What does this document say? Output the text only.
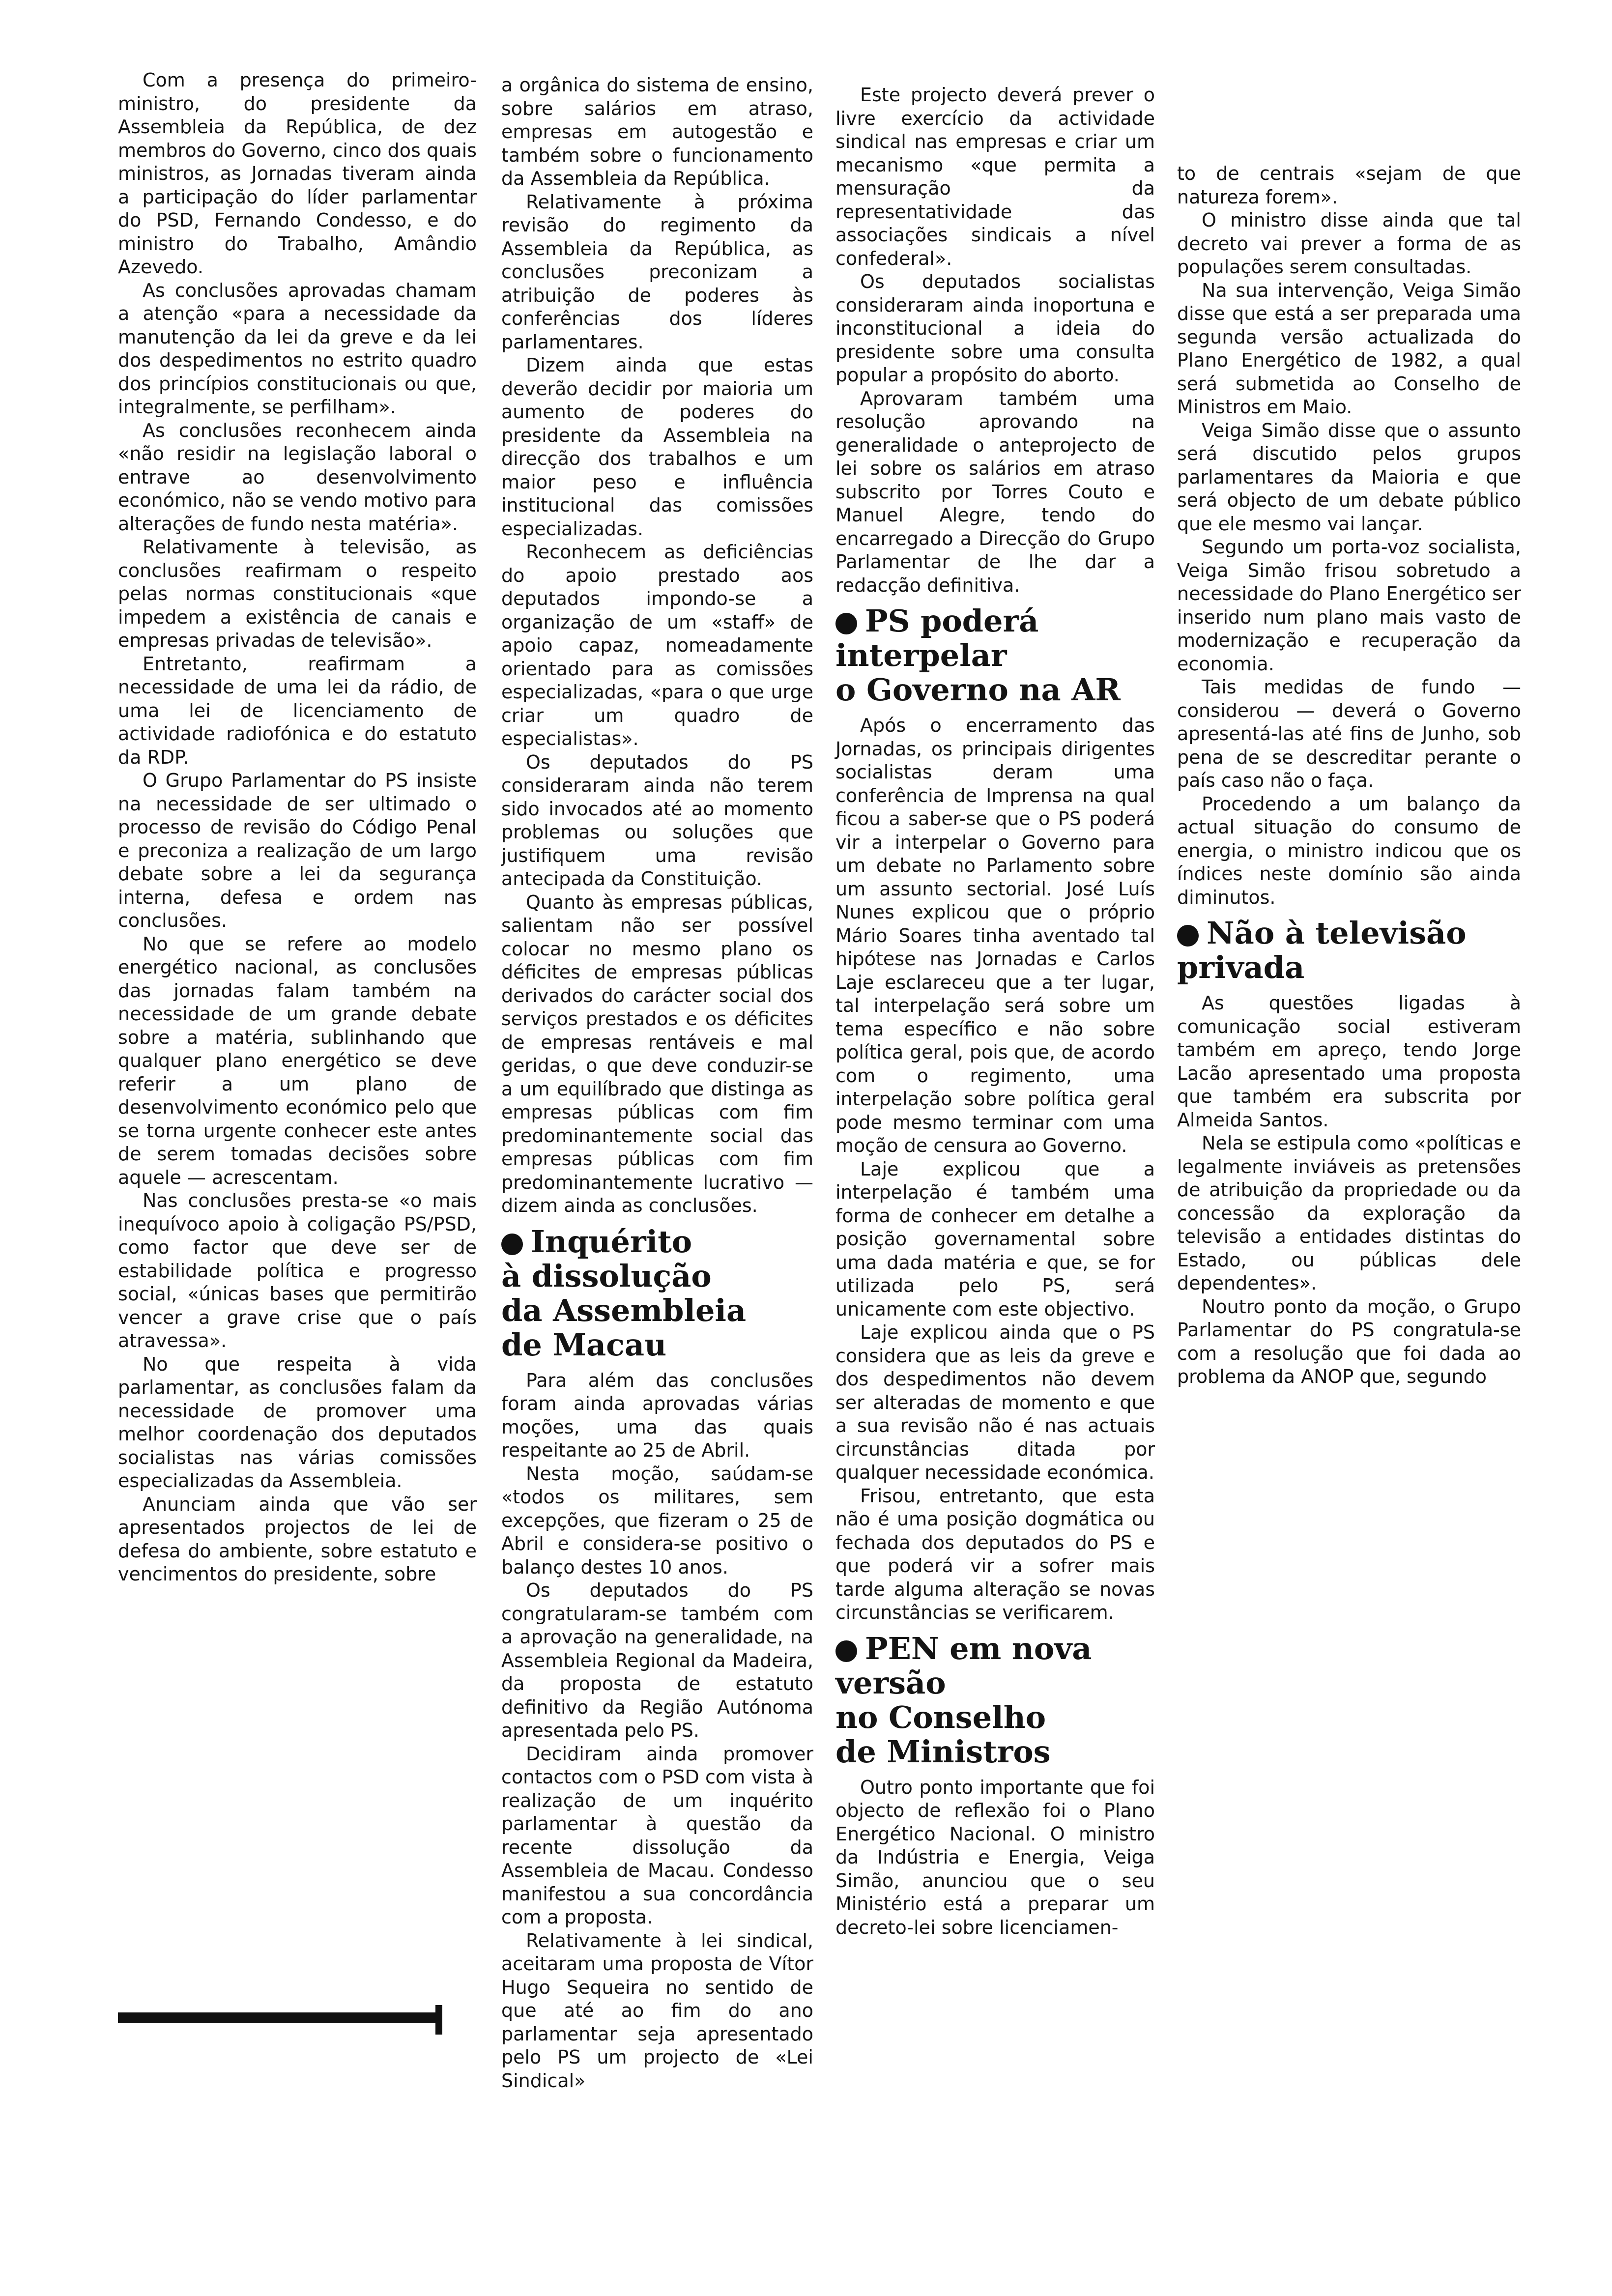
Com a presença do primeiro-ministro, do presidente da Assembleia da República, de dez membros do Governo, cinco dos quais ministros, as Jornadas tiveram ainda a participação do líder parlamentar do PSD, Fernando Condesso, e do ministro do Trabalho, Amândio Azevedo.

As conclusões aprovadas chamam a atenção «para a necessidade da manutenção da lei da greve e da lei dos despedimentos no estrito quadro dos princípios constitucionais ou que, integralmente, se perfilham».

As conclusões reconhecem ainda «não residir na legislação laboral o entrave ao desenvolvimento económico, não se vendo motivo para alterações de fundo nesta matéria».

Relativamente à televisão, as conclusões reafirmam o respeito pelas normas constitucionais «que impedem a existência de canais e empresas privadas de televisão».

Entretanto, reafirmam a necessidade de uma lei da rádio, de uma lei de licenciamento de actividade radiofónica e do estatuto da RDP.

O Grupo Parlamentar do PS insiste na necessidade de ser ultimado o processo de revisão do Código Penal e preconiza a realização de um largo debate sobre a lei da segurança interna, defesa e ordem nas conclusões.

No que se refere ao modelo energético nacional, as conclusões das jornadas falam também na necessidade de um grande debate sobre a matéria, sublinhando que qualquer plano energético se deve referir a um plano de desenvolvimento económico pelo que se torna urgente conhecer este antes de serem tomadas decisões sobre aquele — acrescentam.

Nas conclusões presta-se «o mais inequívoco apoio à coligação PS/PSD, como factor que deve ser de estabilidade política e progresso social, «únicas bases que permitirão vencer a grave crise que o país atravessa».

No que respeita à vida parlamentar, as conclusões falam da necessidade de promover uma melhor coordenação dos deputados socialistas nas várias comissões especializadas da Assembleia.

Anunciam ainda que vão ser apresentados projectos de lei de defesa do ambiente, sobre estatuto e vencimentos do presidente, sobre

a orgânica do sistema de ensino, sobre salários em atraso, empresas em autogestão e também sobre o funcionamento da Assembleia da República.

Relativamente à próxima revisão do regimento da Assembleia da República, as conclusões preconizam a atribuição de poderes às conferências dos líderes parlamentares.

Dizem ainda que estas deverão decidir por maioria um aumento de poderes do presidente da Assembleia na direcção dos trabalhos e um maior peso e influência institucional das comissões especializadas.

Reconhecem as deficiências do apoio prestado aos deputados impondo-se a organização de um «staff» de apoio capaz, nomeadamente orientado para as comissões especializadas, «para o que urge criar um quadro de especialistas».

Os deputados do PS consideraram ainda não terem sido invocados até ao momento problemas ou soluções que justifiquem uma revisão antecipada da Constituição.

Quanto às empresas públicas, salientam não ser possível colocar no mesmo plano os déficites de empresas públicas derivados do carácter social dos serviços prestados e os déficites de empresas rentáveis e mal geridas, o que deve conduzir-se a um equilíbrado que distinga as empresas públicas com fim predominantemente social das empresas públicas com fim predominantemente lucrativo — dizem ainda as conclusões.

Inquérito
à dissolução
da Assembleia
de Macau

Para além das conclusões foram ainda aprovadas várias moções, uma das quais respeitante ao 25 de Abril.

Nesta moção, saúdam-se «todos os militares, sem excepções, que fizeram o 25 de Abril e considera-se positivo o balanço destes 10 anos.

Os deputados do PS congratularam-se também com a aprovação na generalidade, na Assembleia Regional da Madeira, da proposta de estatuto definitivo da Região Autónoma apresentada pelo PS.

Decidiram ainda promover contactos com o PSD com vista à realização de um inquérito parlamentar à questão da recente dissolução da Assembleia de Macau. Condesso manifestou a sua concordância com a proposta.

Relativamente à lei sindical, aceitaram uma proposta de Vítor Hugo Sequeira no sentido de que até ao fim do ano parlamentar seja apresentado pelo PS um projecto de «Lei Sindical»

Este projecto deverá prever o livre exercício da actividade sindical nas empresas e criar um mecanismo «que permita a mensuração da representatividade das associações sindicais a nível confederal».

Os deputados socialistas consideraram ainda inoportuna e inconstitucional a ideia do presidente sobre uma consulta popular a propósito do aborto.

Aprovaram também uma resolução aprovando na generalidade o anteprojecto de lei sobre os salários em atraso subscrito por Torres Couto e Manuel Alegre, tendo do encarregado a Direcção do Grupo Parlamentar de lhe dar a redacção definitiva.

PS poderá
interpelar
o Governo na AR

Após o encerramento das Jornadas, os principais dirigentes socialistas deram uma conferência de Imprensa na qual ficou a saber-se que o PS poderá vir a interpelar o Governo para um debate no Parlamento sobre um assunto sectorial. José Luís Nunes explicou que o próprio Mário Soares tinha aventado tal hipótese nas Jornadas e Carlos Laje esclareceu que a ter lugar, tal interpelação será sobre um tema específico e não sobre política geral, pois que, de acordo com o regimento, uma interpelação sobre política geral pode mesmo terminar com uma moção de censura ao Governo.

Laje explicou que a interpelação é também uma forma de conhecer em detalhe a posição governamental sobre uma dada matéria e que, se for utilizada pelo PS, será unicamente com este objectivo.

Laje explicou ainda que o PS considera que as leis da greve e dos despedimentos não devem ser alteradas de momento e que a sua revisão não é nas actuais circunstâncias ditada por qualquer necessidade económica.

Frisou, entretanto, que esta não é uma posição dogmática ou fechada dos deputados do PS e que poderá vir a sofrer mais tarde alguma alteração se novas circunstâncias se verificarem.

PEN em nova
versão
no Conselho
de Ministros

Outro ponto importante que foi objecto de reflexão foi o Plano Energético Nacional. O ministro da Indústria e Energia, Veiga Simão, anunciou que o seu Ministério está a preparar um decreto-lei sobre licenciamen-

to de centrais «sejam de que natureza forem».

O ministro disse ainda que tal decreto vai prever a forma de as populações serem consultadas.

Na sua intervenção, Veiga Simão disse que está a ser preparada uma segunda versão actualizada do Plano Energético de 1982, a qual será submetida ao Conselho de Ministros em Maio.

Veiga Simão disse que o assunto será discutido pelos grupos parlamentares da Maioria e que será objecto de um debate público que ele mesmo vai lançar.

Segundo um porta-voz socialista, Veiga Simão frisou sobretudo a necessidade do Plano Energético ser inserido num plano mais vasto de modernização e recuperação da economia.

Tais medidas de fundo — considerou — deverá o Governo apresentá-las até fins de Junho, sob pena de se descreditar perante o país caso não o faça.

Procedendo a um balanço da actual situação do consumo de energia, o ministro indicou que os índices neste domínio são ainda diminutos.

Não à televisão
privada

As questões ligadas à comunicação social estiveram também em apreço, tendo Jorge Lacão apresentado uma proposta que também era subscrita por Almeida Santos.

Nela se estipula como «políticas e legalmente inviáveis as pretensões de atribuição da propriedade ou da concessão da exploração da televisão a entidades distintas do Estado, ou públicas dele dependentes».

Noutro ponto da moção, o Grupo Parlamentar do PS congratula-se com a resolução que foi dada ao problema da ANOP que, segundo
